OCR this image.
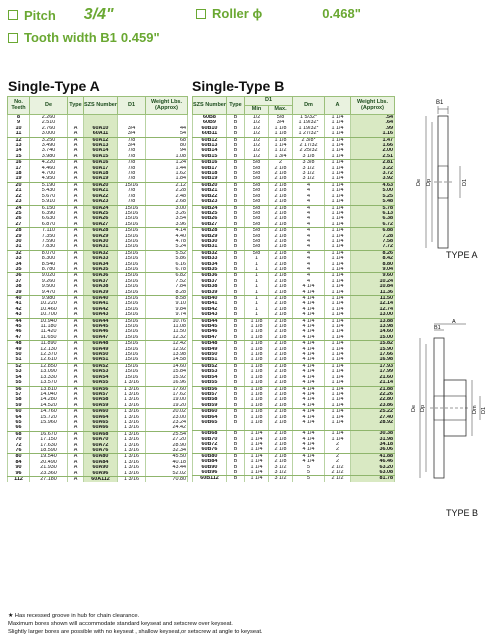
Pitch 3/4"	Roller ϕ	0.468"
Tooth width B1 0.459"
Single-Type A	Single-Type B
No. Teeth	De	Type	SZS Number	D1	Weight Lbs. (Approx)
8	2.260				
9	2.510				
10	2.760	A	60A10	3/4	44
11	3.000	A	60A11	3/4	54
12	3.250	A	60A12	7/8	68
13	3.490	A	60A13	3/4	80
14	3.740	A	60A14	7/8	94
15	3.980	A	60A15	7/8	1.08
16	4.220	A	60A16	7/8	1.24
17	4.460	A	60A17	7/8	1.44
18	4.700	A	60A18	7/8	1.62
19	4.950	A	60A19	7/8	1.84
20	5.190	A	60A20	15/16	2.12
21	5.430	A	60A21	7/8	2.28
22	5.670	A	60A22	7/8	2.48
23	5.910	A	60A23	7/8	2.68
24	6.150	A	60A24	15/16	3.00
25	6.390	A	60A25	15/16	3.26
26	6.630	A	60A26	15/16	3.54
27	6.870	A	60A27	15/16	3.96
28	7.110	A	60A28	15/16	4.14
29	7.350	A	60A29	15/16	4.40
30	7.590	A	60A30	15/16	4.78
31	7.830	A	60A31	15/16	5.24
32	8.070	A	60A32	15/16	5.52
33	8.300	A	60A33	15/16	5.86
34	8.540	A	60A34	15/16	6.16
35	8.780	A	60A35	15/16	6.78
36	9.020	A	60A36	15/16	6.82
37	9.260	A	60A37	15/16	7.52
38	9.500	A	60A38	15/16	7.84
39	9.470	A	60A39	15/16	8.28
40	9.980	A	60A40	15/16	8.58
41	10.220	A	60A41	15/16	9.10
42	10.460	A	60A42	15/16	9.84
43	10.700	A	60A43	15/16	9.74
44	10.940	A	60A44	15/16	10.76
45	11.180	A	60A45	15/16	11.08
46	11.420	A	60A46	15/16	11.50
47	11.650	A	60A47	15/16	12.32
48	11.890	A	60A48	15/16	12.42
49	12.130	A	60A49	15/16	12.92
50	12.370	A	60A50	15/16	13.98
51	12.610	A	60A51	15/16	14.58
52	12.850	A	60A52	15/16	14.60
53	13.090	A	60A53	15/16	15.84
54	13.330	A	60A54	15/16	15.92
55	13.570	A	60A55	1 3/16	16.96
56	13.810	A	60A56	1 3/16	17.60
57	14.040	A	60A57	1 3/16	17.62
58	14.280	A	60A58	1 3/16	19.00
59	14.520	A	60A59	1 3/16	19.20
60	14.760	A	60A60	1 3/16	20.02
64	15.720	A	60A64	1 3/16	23.00
65	15.960	A	60A65	1 3/16	23.24
66		A	60A66	1 3/16	24.42
68	16.670	A	60A68	1 3/16	25.54
70	17.150	A	60A70	1 3/16	27.20
72	17.630	A	60A72	1 3/16	28.90
76	18.590	A	60A76	1 3/16	32.34
80	19.540	A	60A80	1 3/16	45.50
84	20.490	A	60A84	1 3/16	40.18
90	21.930	A	60A90	1 3/16	43.44
96	23.360	A	60A96	1 3/16	52.02
112	27.180	A	60A112	1 3/16	70.80
SZS Number	Type	D1		Dm	A	Weight Lbs. (Approx)
		Min	Max.			
60B8	B	1/2	5/8	1 5/32*	1 1/4	.54
60B9	B	1/2	3/4	1 19/32*	1 1/4	.64
60B10	B	1/2	1 1/8	1 19/32*	1 1/4	.99
60B11	B	1/2	1 1/8	1 27/32*	1 1/4	1.16
60B12	B	1/2	1 1/8	2 3/8*	1 1/4	1.47
60B13	B	1/2	1 1/4	2 17/32	1 1/4	1.66
60B14	B	1/2	1 1/2	2 25/32	1 1/4	2.00
60B15	B	1/2	1 3/4	3 1/8	1 1/4	2.51
60B16	B	5/8	2	3 3/8	1 1/4	2.81
60B17	B	5/8	2 1/8	3 1/2	1 1/4	3.22
60B18	B	5/8	2 1/8	3 1/2	1 1/4	3.72
60B19	B	5/8	2 1/8	3 1/2	1 1/4	3.92
60B20	B	5/8	2 1/8	4	1 1/4	4.63
60B21	B	5/8	2 1/8	4	1 1/4	5.00
60B22	B	5/8	2 1/8	4	1 1/4	5.25
60B23	B	5/8	2 1/8	4	1 1/4	5.48
60B24	B	5/8	2 1/8	4	1 1/4	5.78
60B25	B	5/8	2 1/8	4	1 1/4	6.13
60B26	B	5/8	2 1/8	4	1 1/4	6.38
60B27	B	5/8	2 1/8	4	1 1/4	6.72
60B28	B	5/8	2 1/8	4	1 1/4	6.88
60B29	B	5/8	2 1/8	4	1 1/4	7.28
60B30	B	5/8	2 1/8	4	1 1/4	7.58
60B31	B	5/8	2 1/8	4	1 1/4	7.72
60B32	B	5/8	2 1/8	4	1 1/4	8.26
60B33	B	1	2 1/8	4	1 1/4	8.42
60B34	B	1	2 1/8	4	1 1/4	8.80
60B35	B	1	2 1/8	4	1 1/4	9.04
60B36	B	1	2 1/8	4	1 1/4	9.60
60B37	B	1	2 1/8	4	1 1/4	10.24
60B38	B	1	2 1/8	4 1/4	1 1/4	10.84
60B39	B	1	2 1/8	4 1/4	1 1/4	11.36
60B40	B	1	2 1/8	4 1/4	1 1/4	11.50
60B41	B	1	2 1/8	4 1/4	1 1/4	12.14
60B42	B	1	2 1/8	4 1/4	1 1/4	12.74
60B43	B	1	2 1/8	4 1/4	1 1/4	13.00
60B44	B	1 1/8	2 1/8	4 1/4	1 1/4	13.88
60B45	B	1 1/8	2 1/8	4 1/4	1 1/4	13.98
60B46	B	1 1/8	2 1/8	4 1/4	1 1/4	14.60
60B47	B	1 1/8	2 1/8	4 1/4	1 1/4	15.00
60B48	B	1 1/8	2 1/8	4 1/4	1 1/4	15.82
60B49	B	1 1/8	2 1/8	4 1/4	1 1/4	15.90
60B50	B	1 1/8	2 1/8	4 1/4	1 1/4	17.66
60B51	B	1 1/8	2 1/8	4 1/4	1 1/4	16.98
60B52	B	1 1/8	2 1/8	4 1/4	1 1/4	17.93
60B53	B	1 1/8	2 1/8	4 1/4	1 1/4	17.99
60B54	B	1 1/8	2 1/8	4 1/4	1 1/4	21.60
60B55	B	1 1/8	2 1/8	4 1/4	1 1/4	21.14
60B56	B	1 1/8	2 1/8	4 1/4	1 1/4	21.88
60B57	B	1 1/8	2 1/8	4 1/4	1 1/4	22.26
60B58	B	1 1/8	2 1/8	4 1/4	1 1/4	22.80
60B59	B	1 1/8	2 1/8	4 1/4	1 1/4	23.86
60B60	B	1 1/8	2 1/8	4 1/4	1 1/4	25.22
60B64	B	1 1/8	2 1/8	4 1/4	1 1/4	27.40
60B65	B	1 1/8	2 1/8	4 1/4	1 1/4	28.92

60B68	B	1 1/4	2 1/8	4 1/4	1 1/4	30.38
60B70	B	1 1/4	2 1/8	4 1/4	1 1/4	31.98
60B72	B	1 1/4	2 1/8	4 1/4	2	34.18
60B76	B	1 1/4	2 1/8	4 1/4	2	36.06
60B80	B	1 1/4	2 1/8	4 1/4	2	41.88
60B84	B	1 1/4	2 1/8	4 1/4	2	46.46
60B90	B	1 1/4	3 1/2	5	2 1/2	63.20
60B96	B	1 1/4	3 1/2	5	2 1/2	63.08
60B112	B	1 1/4	3 1/2	5	2 1/2	81.78
B1
De Dp	D1
TYPE A
B1
A
De Dp	Dm D1
TYPE B
★ Has recessed groove in hub for chain clearance.
Maximum bores shown will accommodate standard keyseat and setscrew over keyseat.
Slightly larger bores are possible with no keyseat , shallow keyseat,or setscrew at angle to keyseat.
